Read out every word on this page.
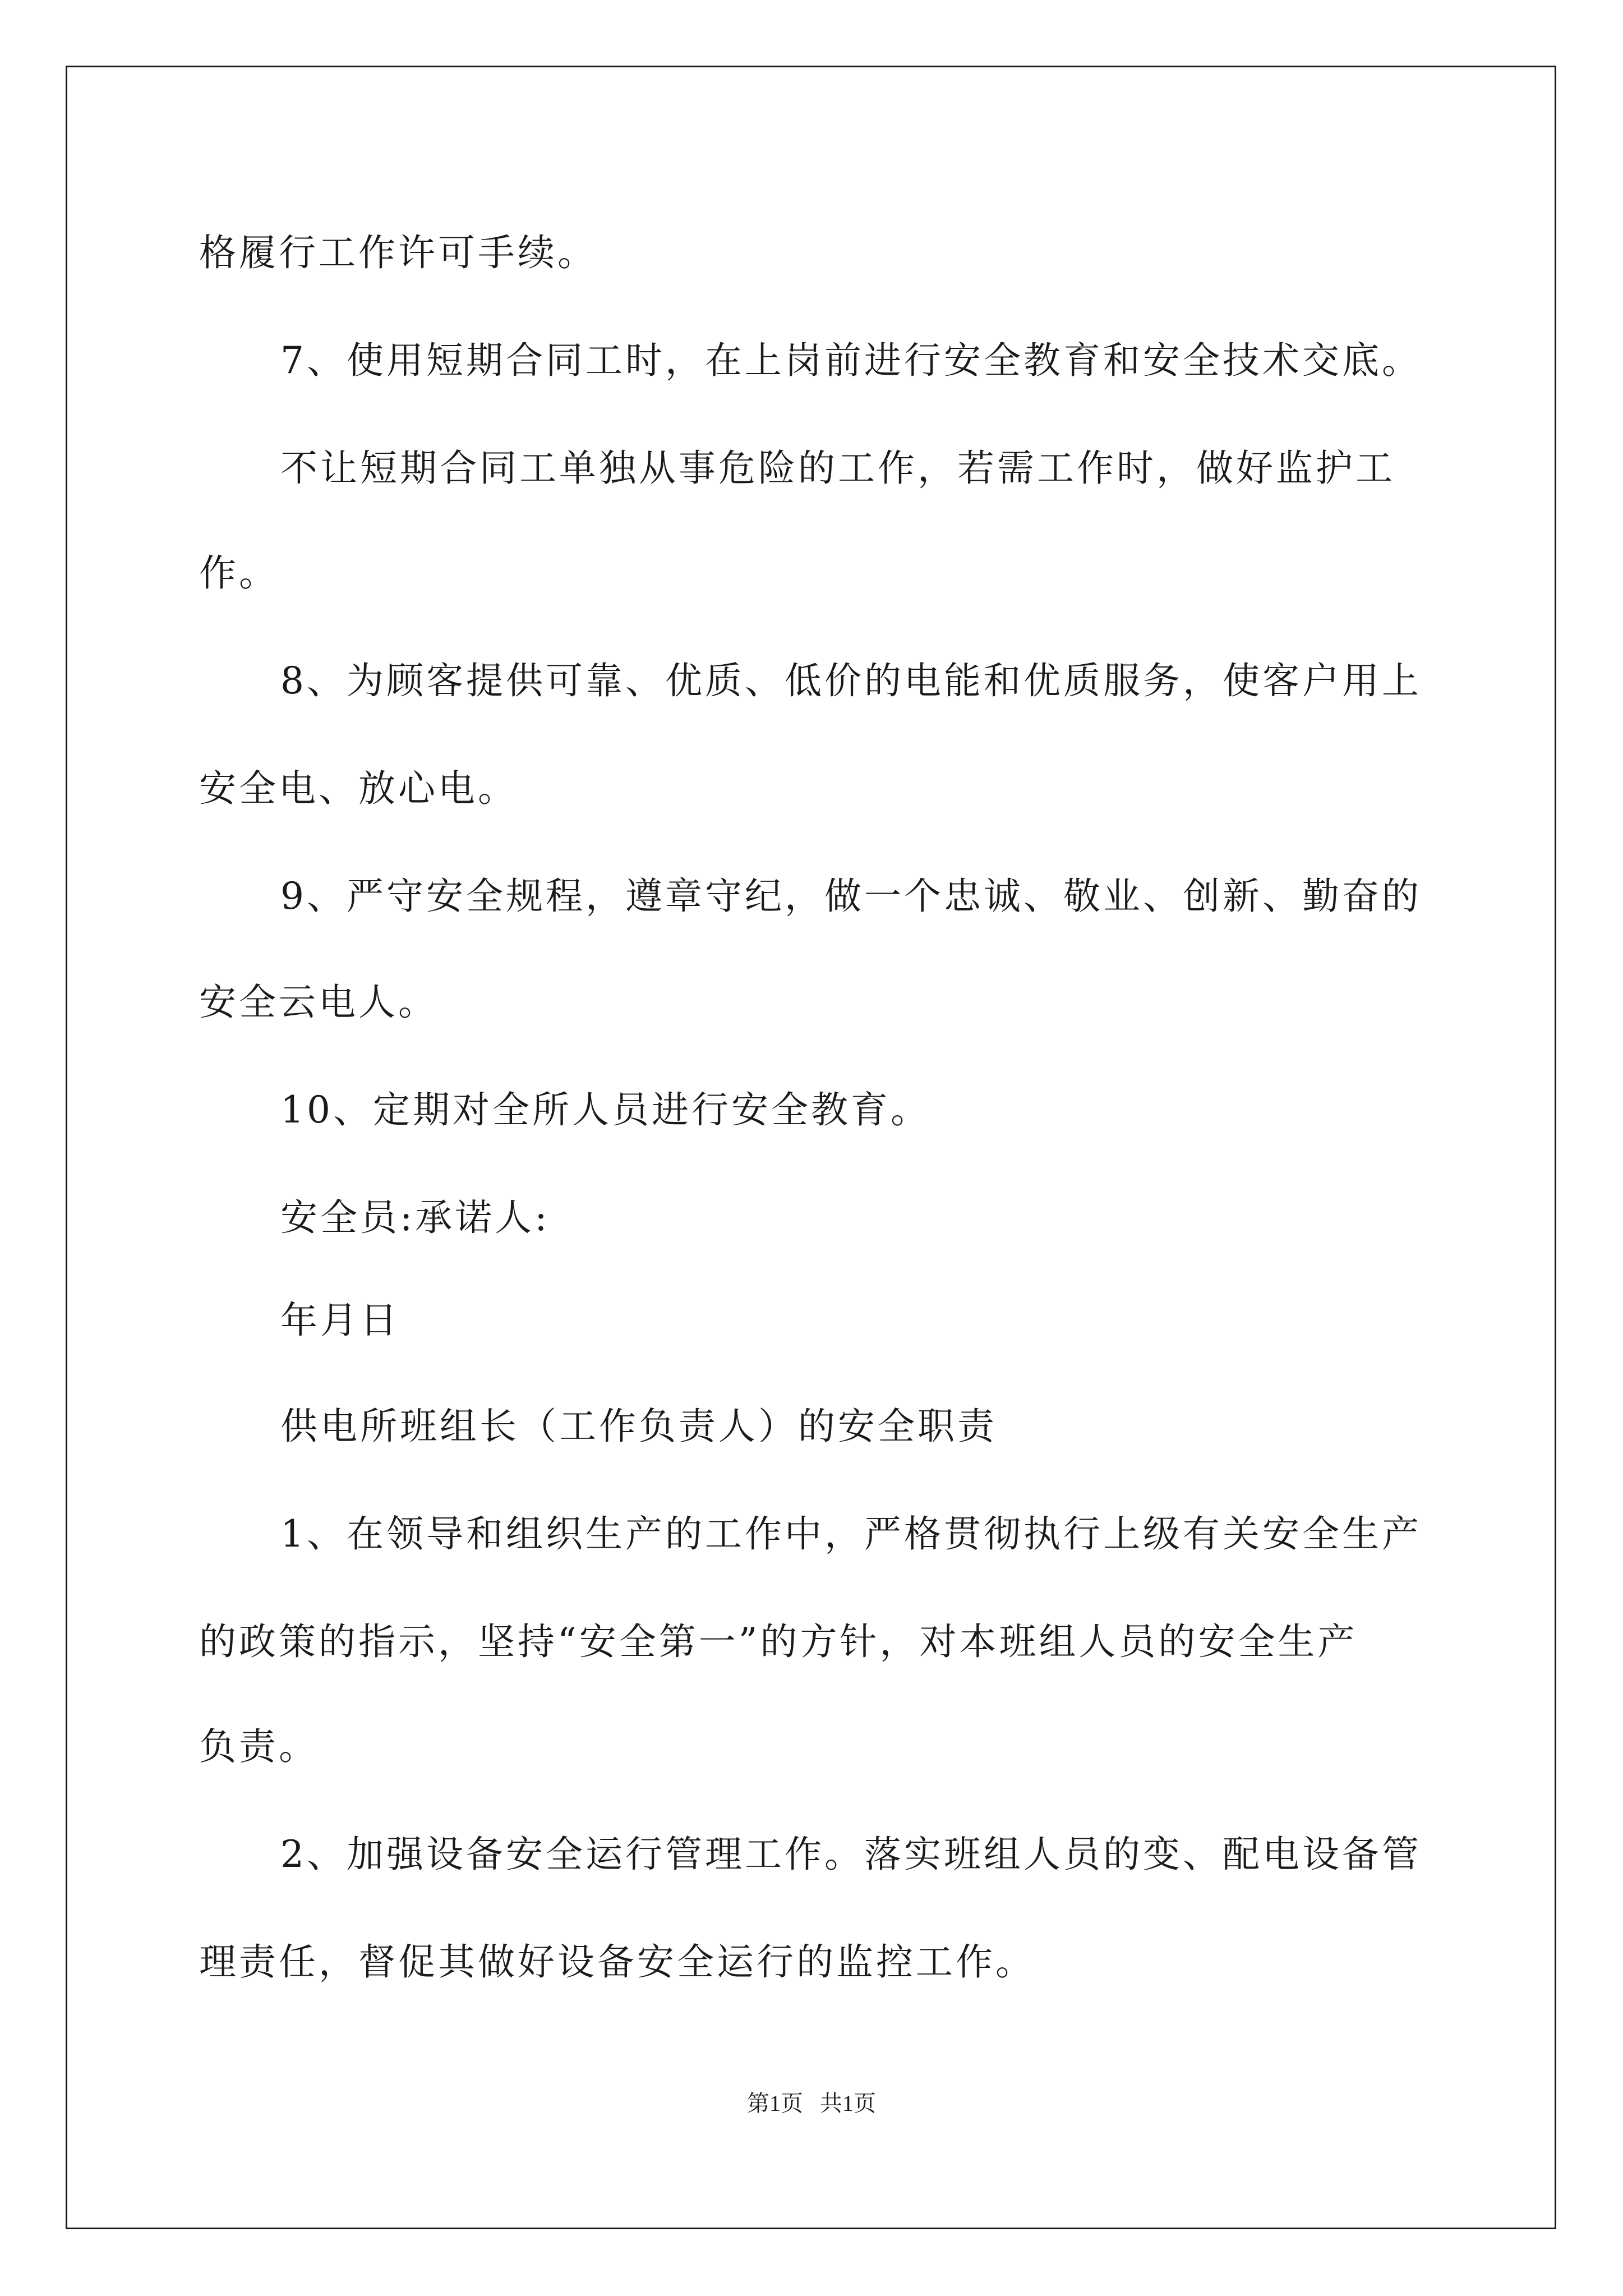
格履行工作许可手续。
7、使用短期合同工时，在上岗前进行安全教育和安全技术交底。
不让短期合同工单独从事危险的工作，若需工作时，做好监护工
作。
8、为顾客提供可靠、优质、低价的电能和优质服务，使客户用上
安全电、放心电。
9、严守安全规程，遵章守纪，做一个忠诚、敬业、创新、勤奋的
安全云电人。
10、定期对全所人员进行安全教育。
安全员:承诺人:
年月日
供电所班组长（工作负责人）的安全职责
1、在领导和组织生产的工作中，严格贯彻执行上级有关安全生产
的政策的指示，坚持“安全第一”的方针，对本班组人员的安全生产
负责。
2、加强设备安全运行管理工作。落实班组人员的变、配电设备管
理责任，督促其做好设备安全运行的监控工作。
第1页   共1页
